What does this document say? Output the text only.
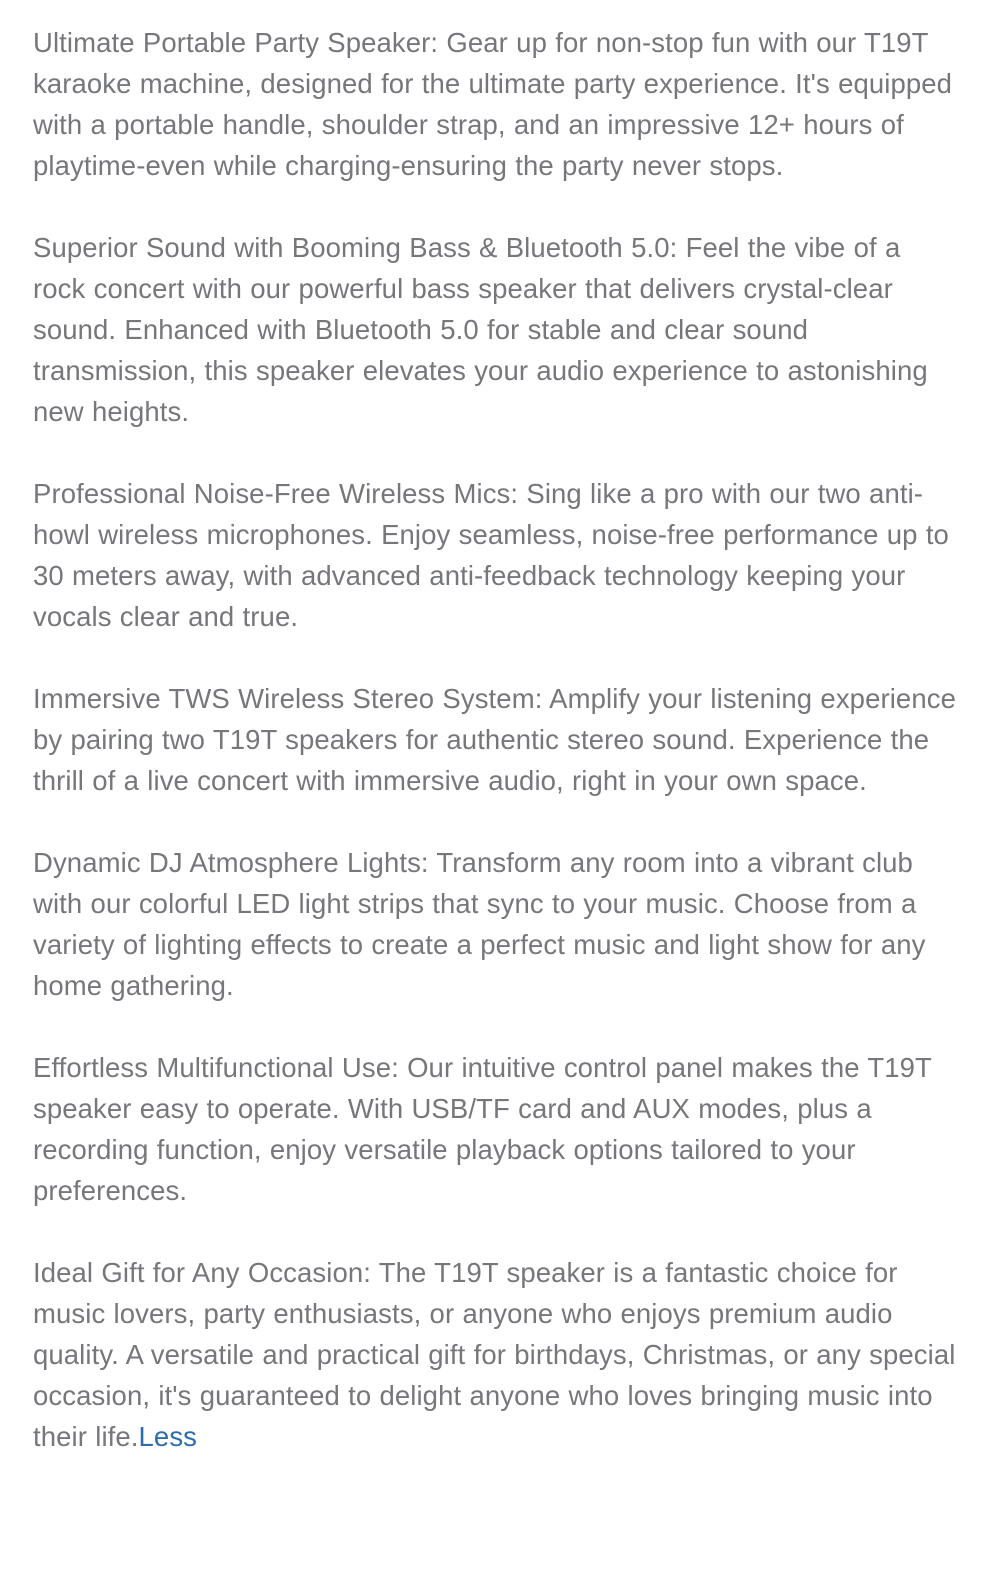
Ultimate Portable Party Speaker: Gear up for non-stop fun with our T19T karaoke machine, designed for the ultimate party experience. It's equipped with a portable handle, shoulder strap, and an impressive 12+ hours of playtime-even while charging-ensuring the party never stops.

Superior Sound with Booming Bass & Bluetooth 5.0: Feel the vibe of a rock concert with our powerful bass speaker that delivers crystal-clear sound. Enhanced with Bluetooth 5.0 for stable and clear sound transmission, this speaker elevates your audio experience to astonishing new heights.

Professional Noise-Free Wireless Mics: Sing like a pro with our two anti-howl wireless microphones. Enjoy seamless, noise-free performance up to 30 meters away, with advanced anti-feedback technology keeping your vocals clear and true.

Immersive TWS Wireless Stereo System: Amplify your listening experience by pairing two T19T speakers for authentic stereo sound. Experience the thrill of a live concert with immersive audio, right in your own space.

Dynamic DJ Atmosphere Lights: Transform any room into a vibrant club with our colorful LED light strips that sync to your music. Choose from a variety of lighting effects to create a perfect music and light show for any home gathering.

Effortless Multifunctional Use: Our intuitive control panel makes the T19T speaker easy to operate. With USB/TF card and AUX modes, plus a recording function, enjoy versatile playback options tailored to your preferences.

Ideal Gift for Any Occasion: The T19T speaker is a fantastic choice for music lovers, party enthusiasts, or anyone who enjoys premium audio quality. A versatile and practical gift for birthdays, Christmas, or any special occasion, it's guaranteed to delight anyone who loves bringing music into their life.Less
